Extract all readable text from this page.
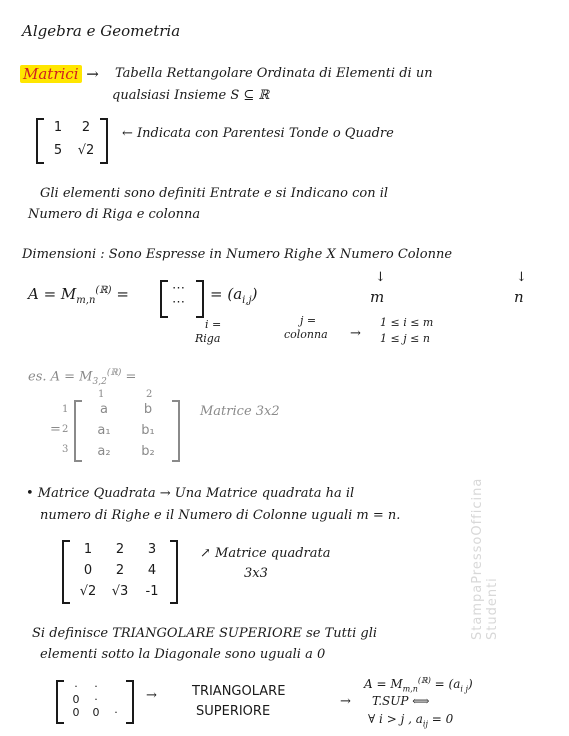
Algebra e Geometria
Matrici → Tabella Rettangolare Ordinata di Elementi di un
qualsiasi Insieme S ⊆ ℝ
1	2
5	√2
← Indicata con Parentesi Tonde o Quadre
Gli elementi sono definiti Entrate e si Indicano con il
Numero di Riga e colonna
Dimensioni : Sono Espresse in Numero Righe X Numero Colonne
$A = M_{m,n}^{(ℝ)}$ =	⋯
⋯ = $(a_{i,j})$	m	n
↓	↓
i =
Riga
j =
colonna →
1 ≤ i ≤ m
1 ≤ j ≤ n
es. $A = M_{3,2}^{(ℝ)}$ =
1	2
1
2
3
=
a	b
a₁	b₁
a₂	b₂
Matrice 3x2
• Matrice Quadrata → Una Matrice quadrata ha il
numero di Righe e il Numero di Colonne uguali m = n.
1	2	3
0	2	4
√2	√3	-1
↗ Matrice quadrata
3x3
Si definisce TRIANGOLARE SUPERIORE se Tutti gli
elementi sotto la Diagonale sono uguali a 0
·	·
0	·
0	0	·
→	TRIANGOLARE
SUPERIORE
→
$A = M_{m,n}^{(ℝ)} = (a_{i j})$
T.SUP ⟺
∀ i > j , $a_{ij} = 0$
StampaPressoOfficina Studenti
